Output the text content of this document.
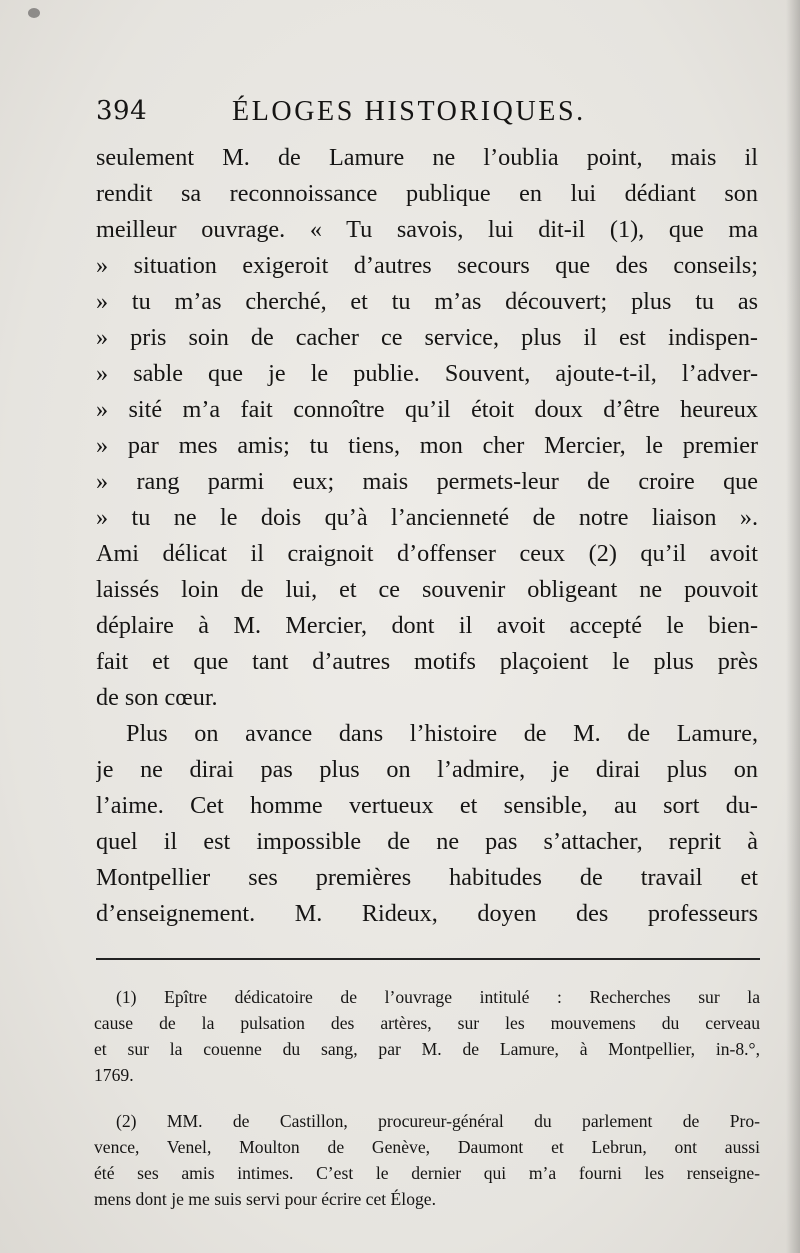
394	ÉLOGES HISTORIQUES.
seulement M. de Lamure ne l’oublia point, mais il
rendit sa reconnoissance publique en lui dédiant son
meilleur ouvrage. « Tu savois, lui dit-il (1), que ma
» situation exigeroit d’autres secours que des conseils;
» tu m’as cherché, et tu m’as découvert; plus tu as
» pris soin de cacher ce service, plus il est indispen-
» sable que je le publie. Souvent, ajoute-t-il, l’adver-
» sité m’a fait connoître qu’il étoit doux d’être heureux
» par mes amis; tu tiens, mon cher Mercier, le premier
» rang parmi eux; mais permets-leur de croire que
» tu ne le dois qu’à l’ancienneté de notre liaison ».
Ami délicat il craignoit d’offenser ceux (2) qu’il avoit
laissés loin de lui, et ce souvenir obligeant ne pouvoit
déplaire à M. Mercier, dont il avoit accepté le bien-
fait et que tant d’autres motifs plaçoient le plus près
de son cœur.
Plus on avance dans l’histoire de M. de Lamure,
je ne dirai pas plus on l’admire, je dirai plus on
l’aime. Cet homme vertueux et sensible, au sort du-
quel il est impossible de ne pas s’attacher, reprit à
Montpellier ses premières habitudes de travail et
d’enseignement. M. Rideux, doyen des professeurs
(1) Epître dédicatoire de l’ouvrage intitulé : Recherches sur la
cause de la pulsation des artères, sur les mouvemens du cerveau
et sur la couenne du sang, par M. de Lamure, à Montpellier, in-8.°,
1769.
(2) MM. de Castillon, procureur-général du parlement de Pro-
vence, Venel, Moulton de Genève, Daumont et Lebrun, ont aussi
été ses amis intimes. C’est le dernier qui m’a fourni les renseigne-
mens dont je me suis servi pour écrire cet Éloge.
